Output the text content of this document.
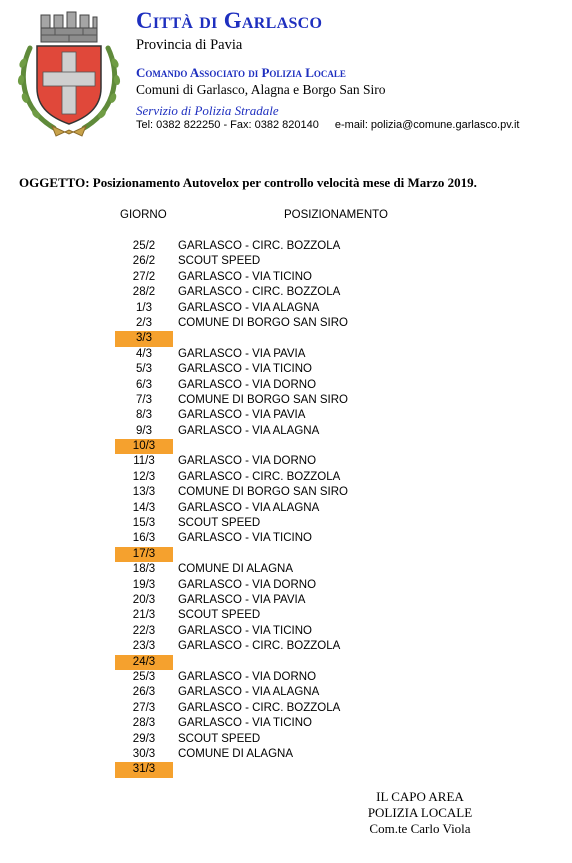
Città di Garlasco
Provincia di Pavia
Comando Associato di Polizia Locale
Comuni di Garlasco, Alagna e Borgo San Siro
Servizio di Polizia Stradale
Tel: 0382 822250 - Fax: 0382 820140 e-mail: polizia@comune.garlasco.pv.it
OGGETTO: Posizionamento Autovelox per controllo velocità mese di Marzo 2019.
GIORNO	POSIZIONAMENTO
25/2	GARLASCO - CIRC. BOZZOLA
26/2	SCOUT SPEED
27/2	GARLASCO - VIA TICINO
28/2	GARLASCO - CIRC. BOZZOLA
1/3	GARLASCO - VIA ALAGNA
2/3	COMUNE DI BORGO SAN SIRO
3/3
4/3	GARLASCO - VIA PAVIA
5/3	GARLASCO - VIA TICINO
6/3	GARLASCO - VIA DORNO
7/3	COMUNE DI BORGO SAN SIRO
8/3	GARLASCO - VIA PAVIA
9/3	GARLASCO - VIA ALAGNA
10/3
11/3	GARLASCO - VIA DORNO
12/3	GARLASCO - CIRC. BOZZOLA
13/3	COMUNE DI BORGO SAN SIRO
14/3	GARLASCO - VIA ALAGNA
15/3	SCOUT SPEED
16/3	GARLASCO - VIA TICINO
17/3
18/3	COMUNE DI ALAGNA
19/3	GARLASCO - VIA DORNO
20/3	GARLASCO - VIA PAVIA
21/3	SCOUT SPEED
22/3	GARLASCO - VIA TICINO
23/3	GARLASCO - CIRC. BOZZOLA
24/3
25/3	GARLASCO - VIA DORNO
26/3	GARLASCO - VIA ALAGNA
27/3	GARLASCO - CIRC. BOZZOLA
28/3	GARLASCO - VIA TICINO
29/3	SCOUT SPEED
30/3	COMUNE DI ALAGNA
31/3
IL CAPO AREA
POLIZIA LOCALE
Com.te Carlo Viola
